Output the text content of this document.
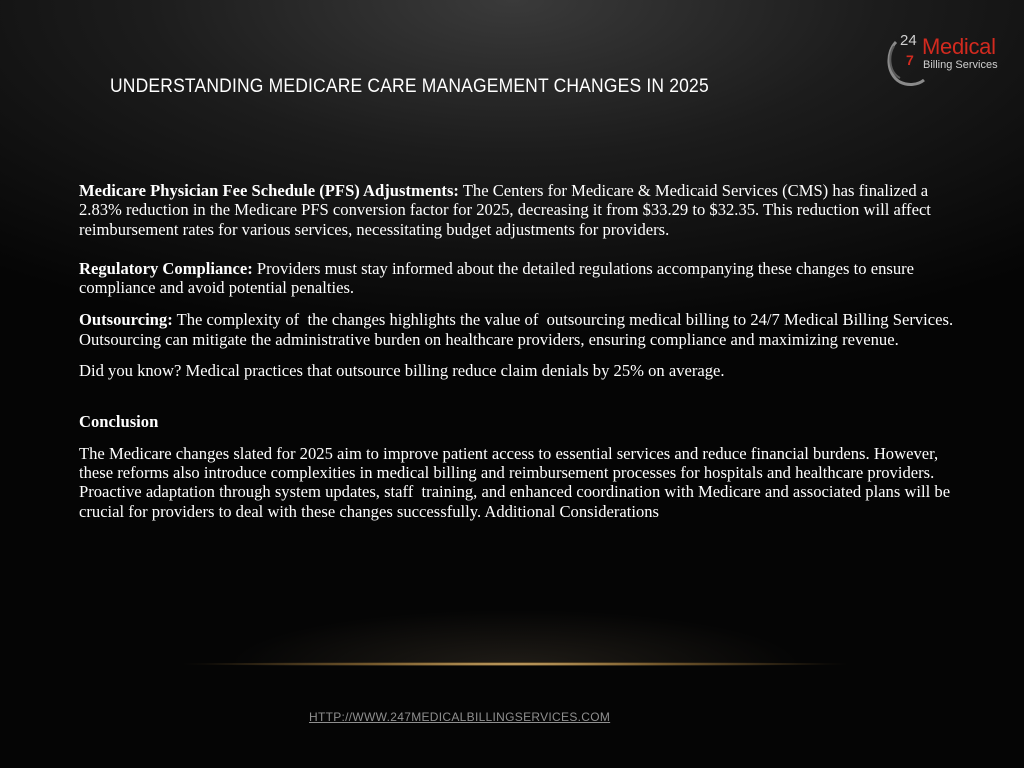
UNDERSTANDING MEDICARE CARE MANAGEMENT CHANGES IN 2025
24 Medical
Billing Services
7

Medicare Physician Fee Schedule (PFS) Adjustments: The Centers for Medicare & Medicaid Services (CMS) has finalized a 2.83% reduction in the Medicare PFS conversion factor for 2025, decreasing it from $33.29 to $32.35. This reduction will affect reimbursement rates for various services, necessitating budget adjustments for providers.

Regulatory Compliance: Providers must stay informed about the detailed regulations accompanying these changes to ensure compliance and avoid potential penalties.

Outsourcing: The complexity of  the changes highlights the value of  outsourcing medical billing to 24/7 Medical Billing Services. Outsourcing can mitigate the administrative burden on healthcare providers, ensuring compliance and maximizing revenue.

Did you know? Medical practices that outsource billing reduce claim denials by 25% on average.

Conclusion

The Medicare changes slated for 2025 aim to improve patient access to essential services and reduce financial burdens. However, these reforms also introduce complexities in medical billing and reimbursement processes for hospitals and healthcare providers. Proactive adaptation through system updates, staff  training, and enhanced coordination with Medicare and associated plans will be crucial for providers to deal with these changes successfully. Additional Considerations

HTTP://WWW.247MEDICALBILLINGSERVICES.COM
